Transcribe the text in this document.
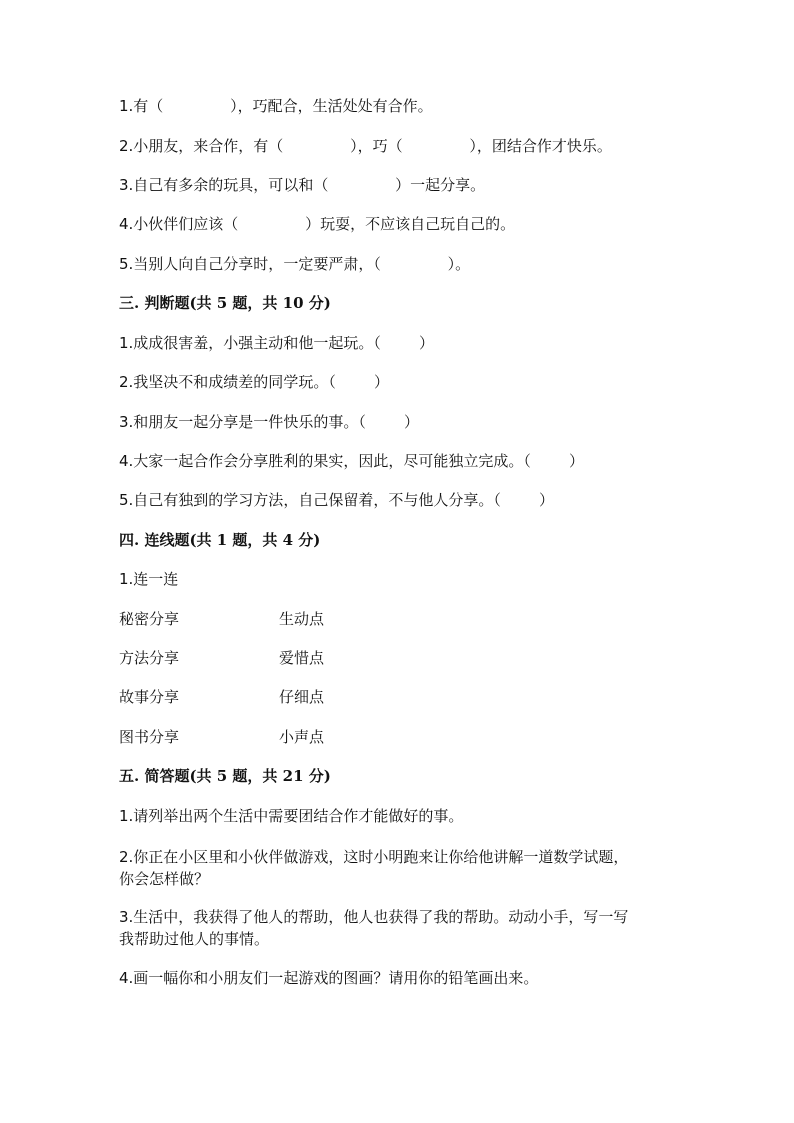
1.有（              ），巧配合，生活处处有合作。
2.小朋友，来合作，有（              ），巧（              ），团结合作才快乐。
3.自己有多余的玩具，可以和（              ）一起分享。
4.小伙伴们应该（              ）玩耍，不应该自己玩自己的。
5.当别人向自己分享时，一定要严肃，（              ）。
三. 判断题(共 5 题，共 10 分)
1.成成很害羞，小强主动和他一起玩。（        ）
2.我坚决不和成绩差的同学玩。（        ）
3.和朋友一起分享是一件快乐的事。（        ）
4.大家一起合作会分享胜利的果实，因此，尽可能独立完成。（        ）
5.自己有独到的学习方法，自己保留着，不与他人分享。（        ）
四. 连线题(共 1 题，共 4 分)
1.连一连
秘密分享	生动点
方法分享	爱惜点
故事分享	仔细点
图书分享	小声点
五. 简答题(共 5 题，共 21 分)
1.请列举出两个生活中需要团结合作才能做好的事。
2.你正在小区里和小伙伴做游戏，这时小明跑来让你给他讲解一道数学试题，
你会怎样做？
3.生活中，我获得了他人的帮助，他人也获得了我的帮助。动动小手，写一写
我帮助过他人的事情。
4.画一幅你和小朋友们一起游戏的图画？请用你的铅笔画出来。
